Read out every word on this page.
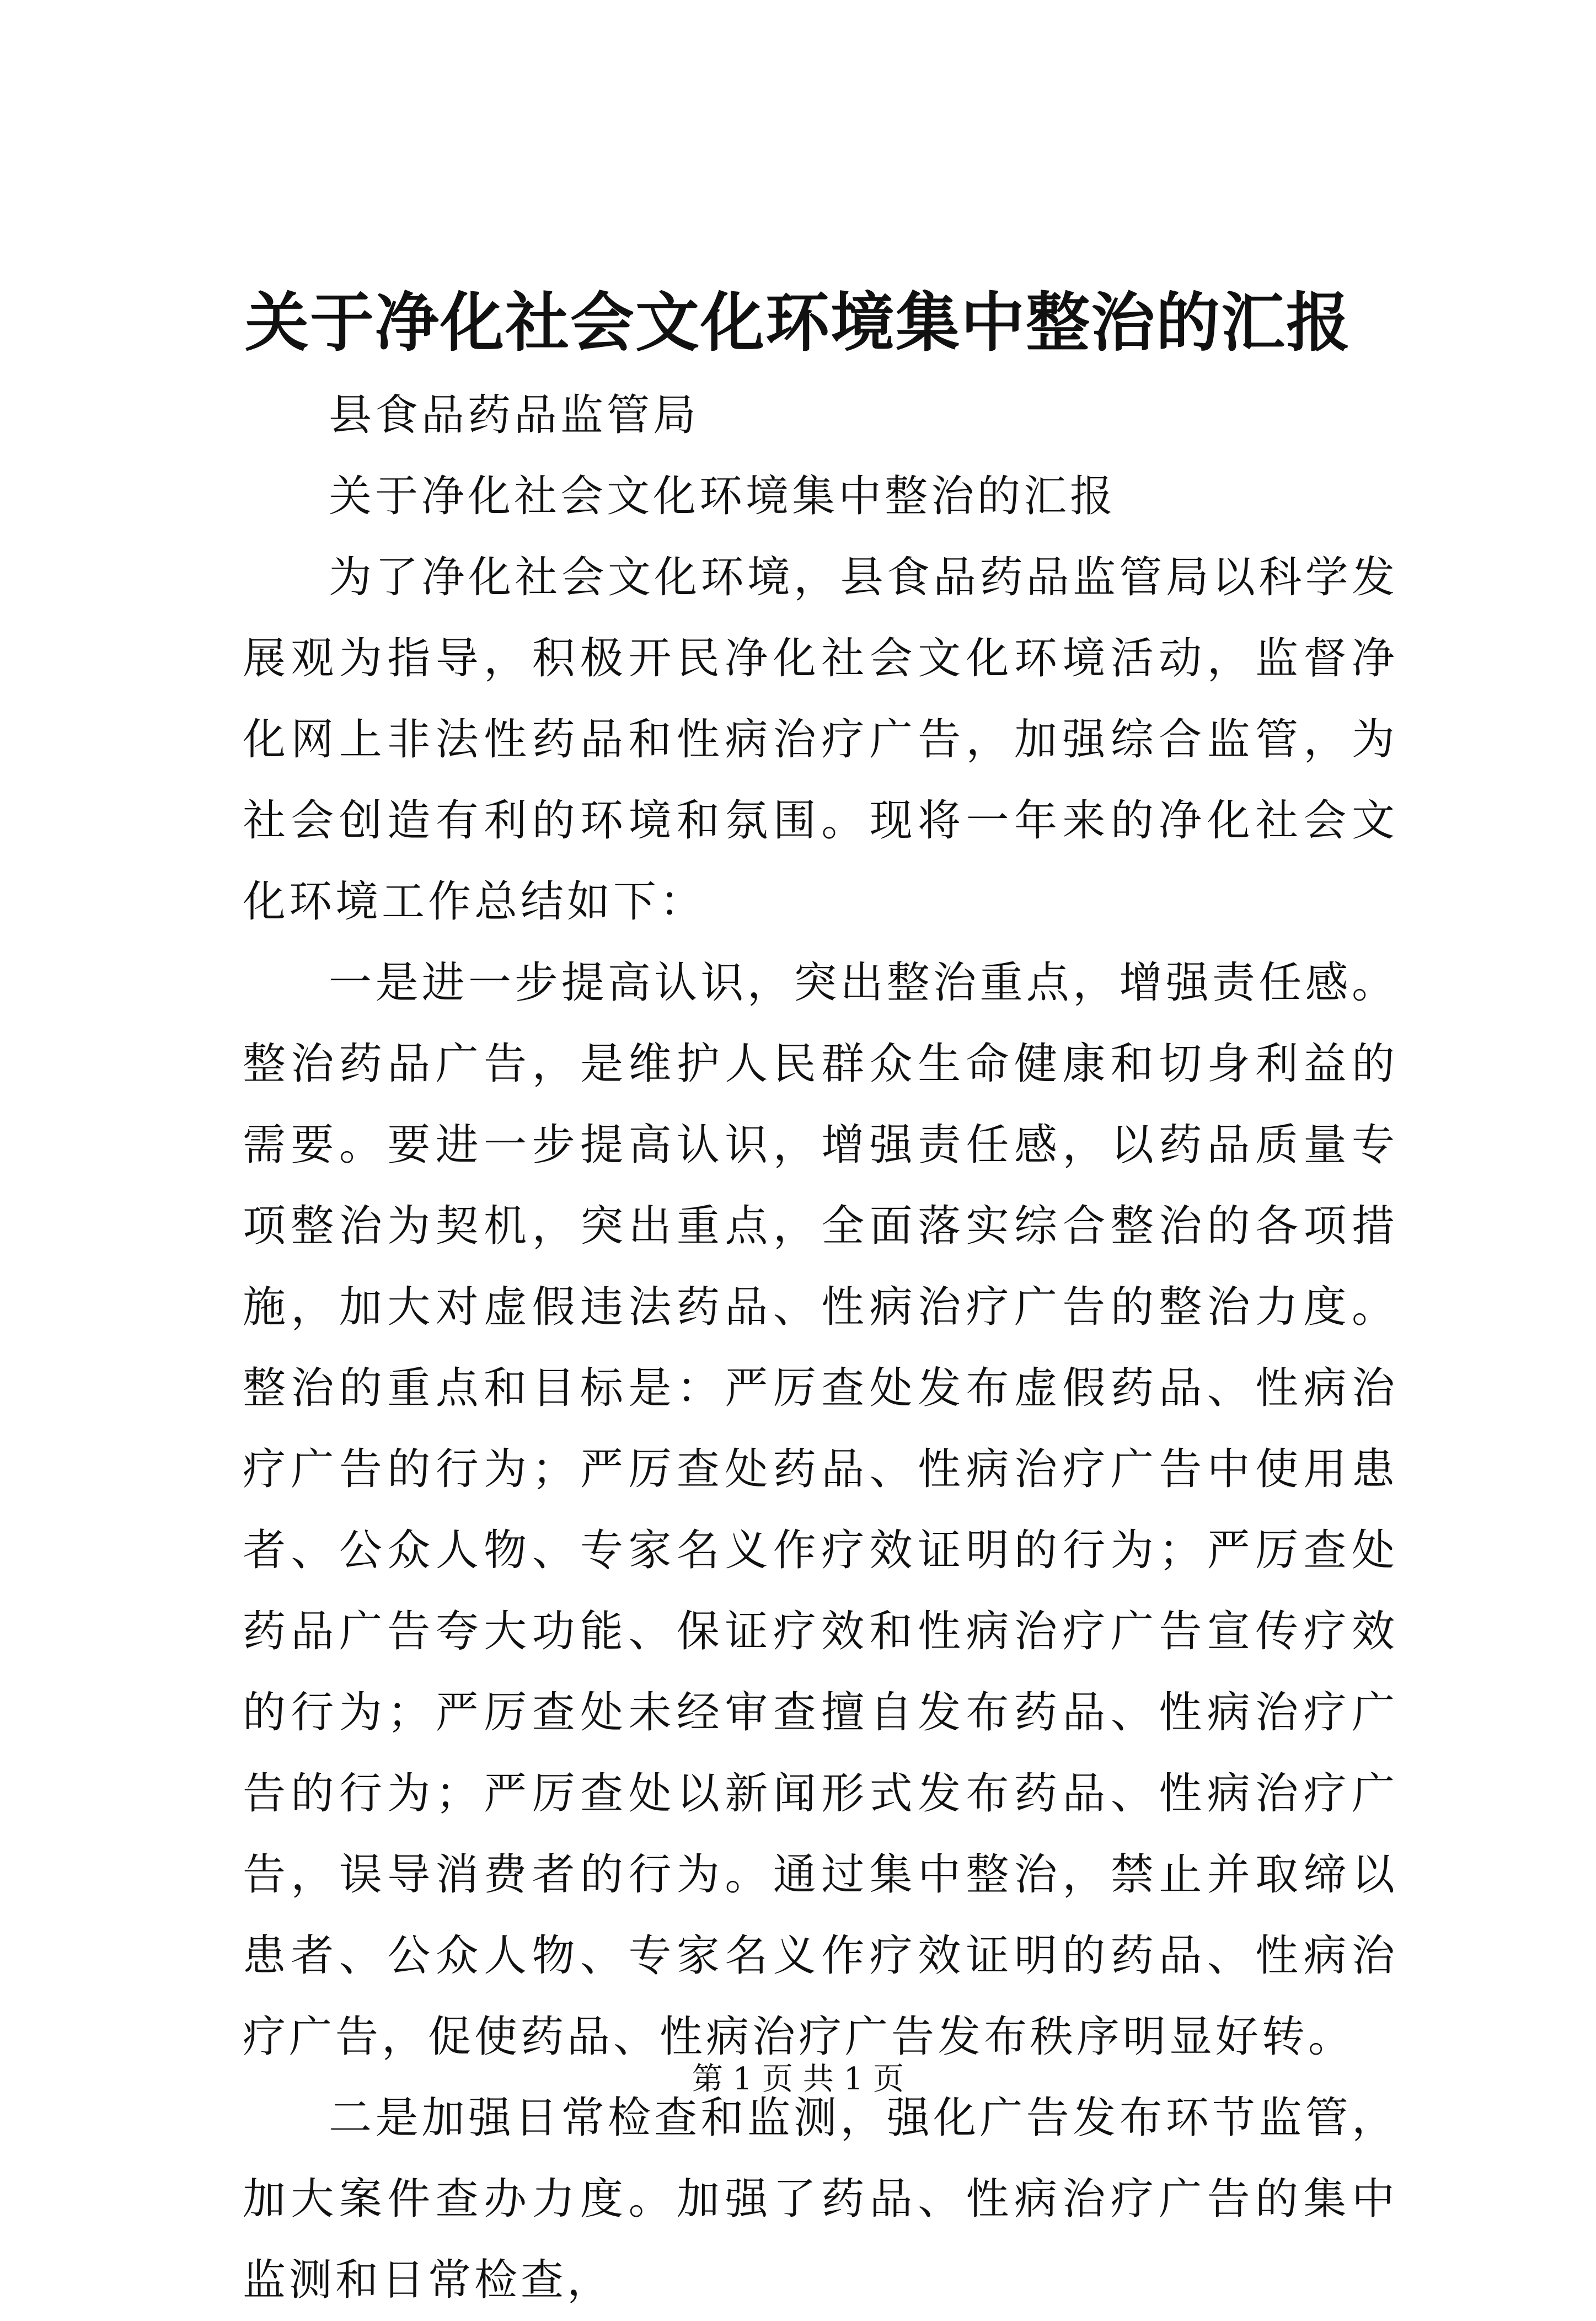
关于净化社会文化环境集中整治的汇报

县食品药品监管局

关于净化社会文化环境集中整治的汇报

为了净化社会文化环境，县食品药品监管局以科学发展观为指导，积极开民净化社会文化环境活动，监督净化网上非法性药品和性病治疗广告，加强综合监管，为社会创造有利的环境和氛围。现将一年来的净化社会文化环境工作总结如下：

一是进一步提高认识，突出整治重点，增强责任感。整治药品广告，是维护人民群众生命健康和切身利益的需要。要进一步提高认识，增强责任感，以药品质量专项整治为契机，突出重点，全面落实综合整治的各项措施，加大对虚假违法药品、性病治疗广告的整治力度。整治的重点和目标是：严厉查处发布虚假药品、性病治疗广告的行为；严厉查处药品、性病治疗广告中使用患者、公众人物、专家名义作疗效证明的行为；严厉查处药品广告夸大功能、保证疗效和性病治疗广告宣传疗效的行为；严厉查处未经审查擅自发布药品、性病治疗广告的行为；严厉查处以新闻形式发布药品、性病治疗广告，误导消费者的行为。通过集中整治，禁止并取缔以患者、公众人物、专家名义作疗效证明的药品、性病治疗广告，促使药品、性病治疗广告发布秩序明显好转。

二是加强日常检查和监测，强化广告发布环节监管，加大案件查办力度。加强了药品、性病治疗广告的集中监测和日常检查，

第 1 页 共 1 页
